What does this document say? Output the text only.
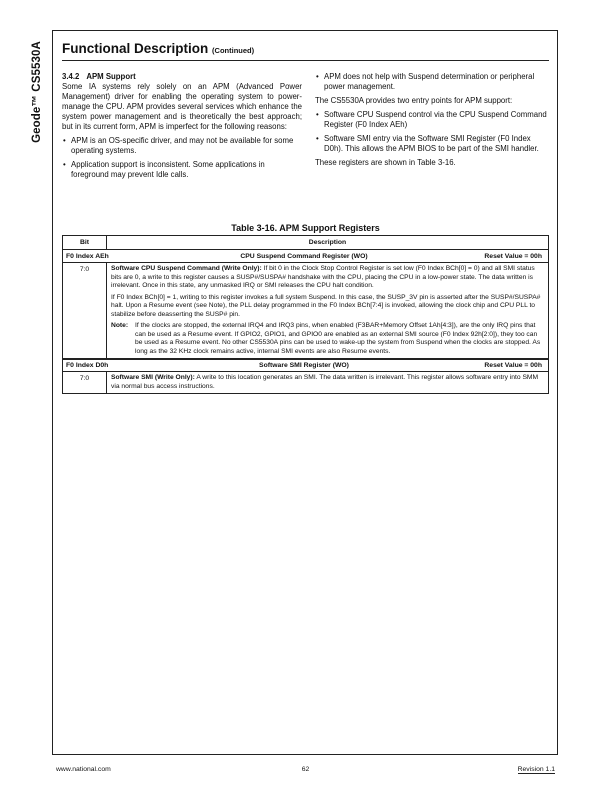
Geode™ CS5530A Functional Description (Continued)
3.4.2 APM Support
Some IA systems rely solely on an APM (Advanced Power Management) driver for enabling the operating system to power-manage the CPU. APM provides several services which enhance the system power management and is theoretically the best approach; but in its current form, APM is imperfect for the following reasons:
• APM is an OS-specific driver, and may not be available for some operating systems.
• Application support is inconsistent. Some applications in foreground may prevent Idle calls.
• APM does not help with Suspend determination or peripheral power management.
The CS5530A provides two entry points for APM support:
• Software CPU Suspend control via the CPU Suspend Command Register (F0 Index AEh)
• Software SMI entry via the Software SMI Register (F0 Index D0h). This allows the APM BIOS to be part of the SMI handler.
These registers are shown in Table 3-16.
Table 3-16. APM Support Registers
Bit	Description
F0 Index AEh	CPU Suspend Command Register (WO)	Reset Value = 00h
7:0	Software CPU Suspend Command (Write Only): If bit 0 in the Clock Stop Control Register is set low (F0 Index BCh[0] = 0) and all SMI status bits are 0, a write to this register causes a SUSP#/SUSPA# handshake with the CPU, placing the CPU in a low-power state. The data written is irrelevant. Once in this state, any unmasked IRQ or SMI releases the CPU halt condition.

If F0 Index BCh[0] = 1, writing to this register invokes a full system Suspend. In this case, the SUSP_3V pin is asserted after the SUSP#/SUSPA# halt. Upon a Resume event (see Note), the PLL delay programmed in the F0 Index BCh[7:4] is invoked, allowing the clock chip and CPU PLL to stabilize before deasserting the SUSP# pin.

Note:	If the clocks are stopped, the external IRQ4 and IRQ3 pins, when enabled (F3BAR+Memory Offset 1Ah[4:3]), are the only IRQ pins that can be used as a Resume event. If GPIO2, GPIO1, and GPIO0 are enabled as an external SMI source (F0 Index 92h[2:0]), they too can be used as a Resume event. No other CS5530A pins can be used to wake-up the system from Suspend when the clocks are stopped. As long as the 32 KHz clock remains active, internal SMI events are also Resume events.
F0 Index D0h	Software SMI Register (WO)	Reset Value = 00h
7:0	Software SMI (Write Only): A write to this location generates an SMI. The data written is irrelevant. This register allows software entry into SMM via normal bus access instructions.

www.national.com	62	Revision 1.1
